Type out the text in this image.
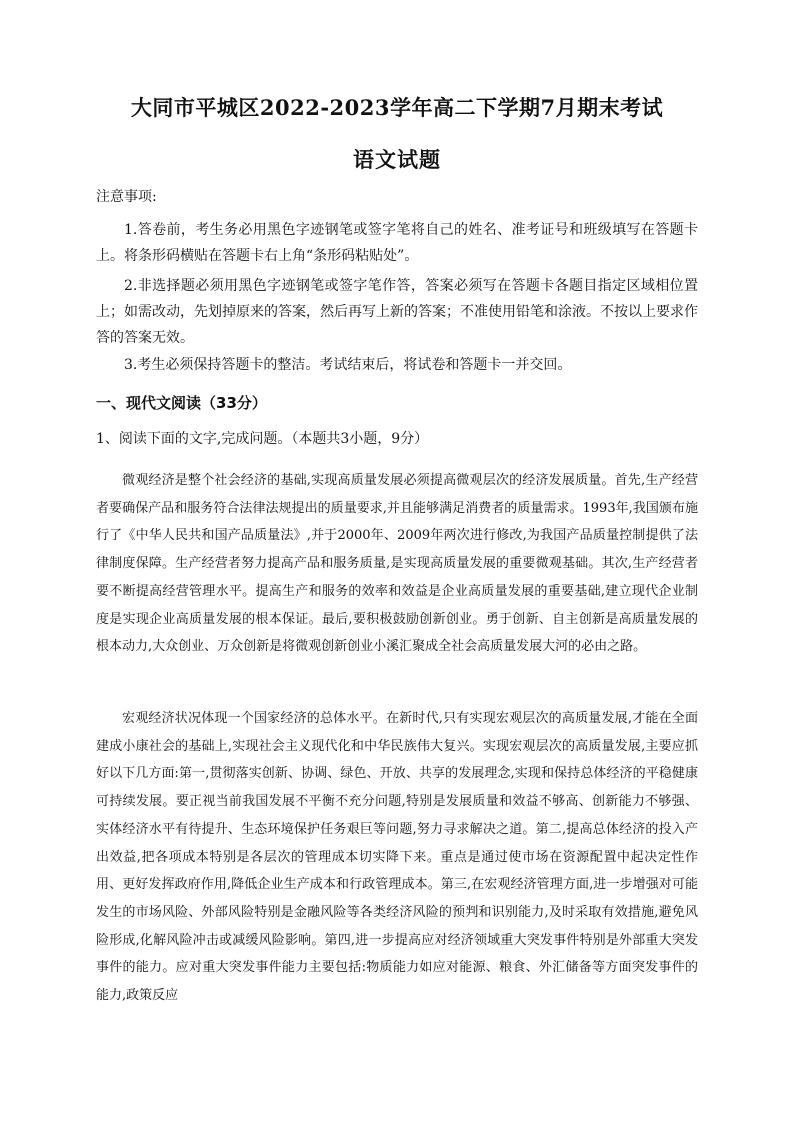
大同市平城区2022-2023学年高二下学期7月期末考试
语文试题
注意事项:

1.答卷前，考生务必用黑色字迹钢笔或签字笔将自己的姓名、准考证号和班级填写在答题卡上。将条形码横贴在答题卡右上角“条形码粘贴处”。

2.非选择题必须用黑色字迹钢笔或签字笔作答，答案必须写在答题卡各题目指定区域相位置上；如需改动，先划掉原来的答案，然后再写上新的答案；不准使用铅笔和涂液。不按以上要求作答的答案无效。

3.考生必须保持答题卡的整洁。考试结束后，将试卷和答题卡一并交回。

一、现代文阅读（33分）
1、阅读下面的文字,完成问题。（本题共3小题，9分）

微观经济是整个社会经济的基础,实现高质量发展必须提高微观层次的经济发展质量。首先,生产经营者要确保产品和服务符合法律法规提出的质量要求,并且能够满足消费者的质量需求。1993年,我国颁布施行了《中华人民共和国产品质量法》,并于2000年、2009年两次进行修改,为我国产品质量控制提供了法律制度保障。生产经营者努力提高产品和服务质量,是实现高质量发展的重要微观基础。其次,生产经营者要不断提高经营管理水平。提高生产和服务的效率和效益是企业高质量发展的重要基础,建立现代企业制度是实现企业高质量发展的根本保证。最后,要积极鼓励创新创业。勇于创新、自主创新是高质量发展的根本动力,大众创业、万众创新是将微观创新创业小溪汇聚成全社会高质量发展大河的必由之路。

宏观经济状况体现一个国家经济的总体水平。在新时代,只有实现宏观层次的高质量发展,才能在全面建成小康社会的基础上,实现社会主义现代化和中华民族伟大复兴。实现宏观层次的高质量发展,主要应抓好以下几方面:第一,贯彻落实创新、协调、绿色、开放、共享的发展理念,实现和保持总体经济的平稳健康可持续发展。要正视当前我国发展不平衡不充分问题,特别是发展质量和效益不够高、创新能力不够强、实体经济水平有待提升、生态环境保护任务艰巨等问题,努力寻求解决之道。第二,提高总体经济的投入产出效益,把各项成本特别是各层次的管理成本切实降下来。重点是通过使市场在资源配置中起决定性作用、更好发挥政府作用,降低企业生产成本和行政管理成本。第三,在宏观经济管理方面,进一步增强对可能发生的市场风险、外部风险特别是金融风险等各类经济风险的预判和识别能力,及时采取有效措施,避免风险形成,化解风险冲击或减缓风险影响。第四,进一步提高应对经济领域重大突发事件特别是外部重大突发事件的能力。应对重大突发事件能力主要包括:物质能力如应对能源、粮食、外汇储备等方面突发事件的能力,政策反应
